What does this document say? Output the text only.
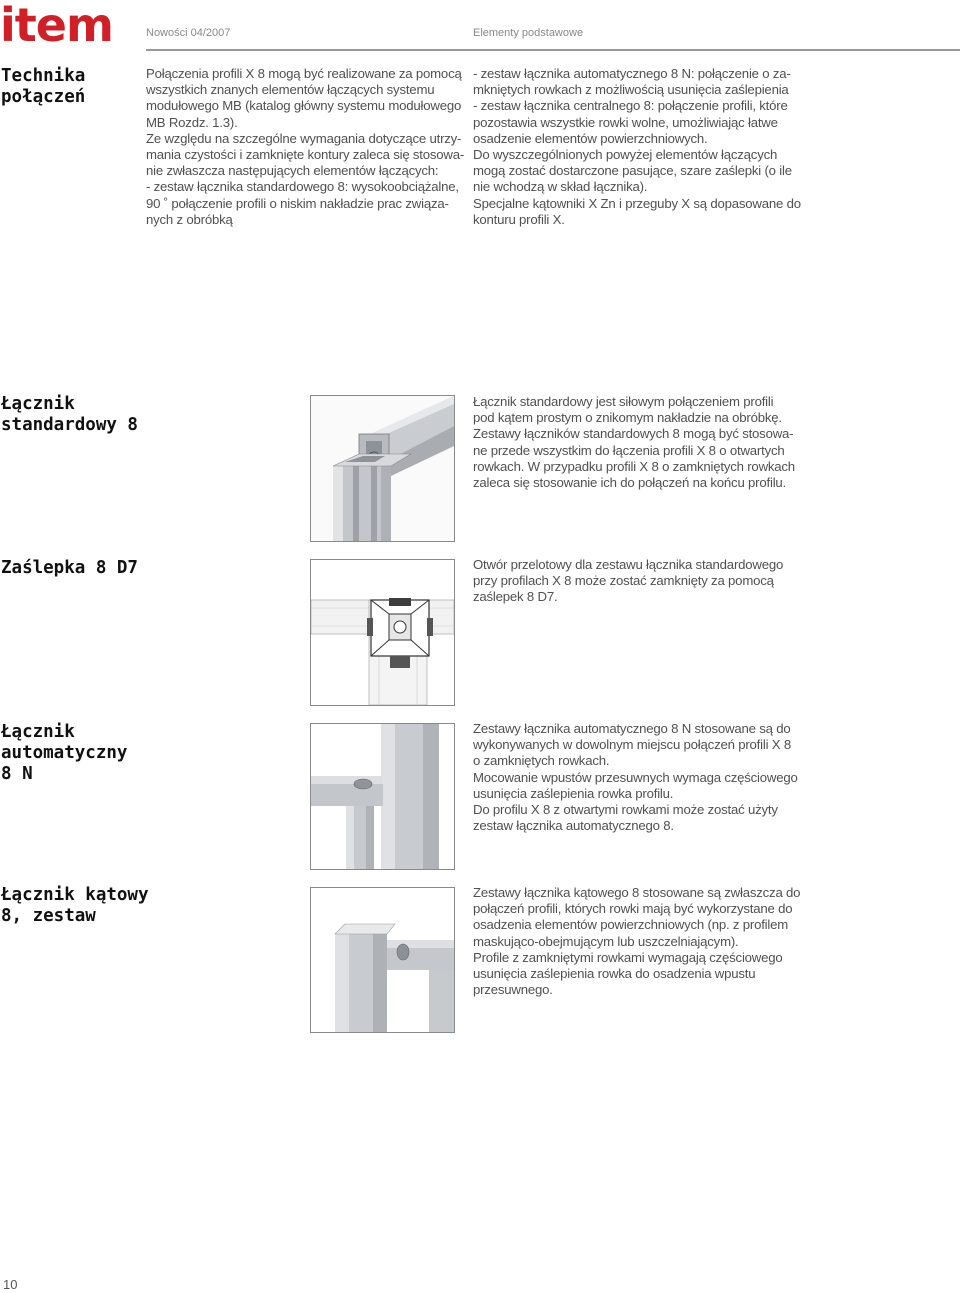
item	Nowości 04/2007	Elementy podstawowe
Technika połączeń

Połączenia profili X 8 mogą być realizowane za pomocą

wszystkich znanych elementów łączących systemu

modułowego MB (katalog główny systemu modułowego

MB Rozdz. 1.3).

Ze względu na szczególne wymagania dotyczące utrzy-

mania czystości i zamknięte kontury zaleca się stosowa-

nie zwłaszcza następujących elementów łączących:

- zestaw łącznika standardowego 8: wysokoobciążalne,

90 ˚ połączenie profili o niskim nakładzie prac związa-

nych z obróbką

- zestaw łącznika automatycznego 8 N: połączenie o za-

mkniętych rowkach z możliwością usunięcia zaślepienia

- zestaw łącznika centralnego 8: połączenie profili, które

pozostawia wszystkie rowki wolne, umożliwiając łatwe

osadzenie elementów powierzchniowych.

Do wyszczególnionych powyżej elementów łączących

mogą zostać dostarczone pasujące, szare zaślepki (o ile

nie wchodzą w skład łącznika).

Specjalne kątowniki X Zn i przeguby X są dopasowane do

konturu profili X.

Łącznik
standardowy 8

Łącznik standardowy jest siłowym połączeniem profili

pod kątem prostym o znikomym nakładzie na obróbkę.

Zestawy łączników standardowych 8 mogą być stosowa-

ne przede wszystkim do łączenia profili X 8 o otwartych

rowkach. W przypadku profili X 8 o zamkniętych rowkach

zaleca się stosowanie ich do połączeń na końcu profilu.

Zaślepka 8 D7	Otwór przelotowy dla zestawu łącznika standardowego

przy profilach X 8 może zostać zamknięty za pomocą

zaślepek 8 D7.

Łącznik
automatyczny
8 N

Zestawy łącznika automatycznego 8 N stosowane są do

wykonywanych w dowolnym miejscu połączeń profili X 8

o zamkniętych rowkach.

Mocowanie wpustów przesuwnych wymaga częściowego

usunięcia zaślepienia rowka profilu.

Do profilu X 8 z otwartymi rowkami może zostać użyty

zestaw łącznika automatycznego 8.

Łącznik kątowy
8, zestaw

Zestawy łącznika kątowego 8 stosowane są zwłaszcza do

połączeń profili, których rowki mają być wykorzystane do

osadzenia elementów powierzchniowych (np. z profilem

maskująco-obejmującym lub uszczelniającym).

Profile z zamkniętymi rowkami wymagają częściowego

usunięcia zaślepienia rowka do osadzenia wpustu

przesuwnego.

10
